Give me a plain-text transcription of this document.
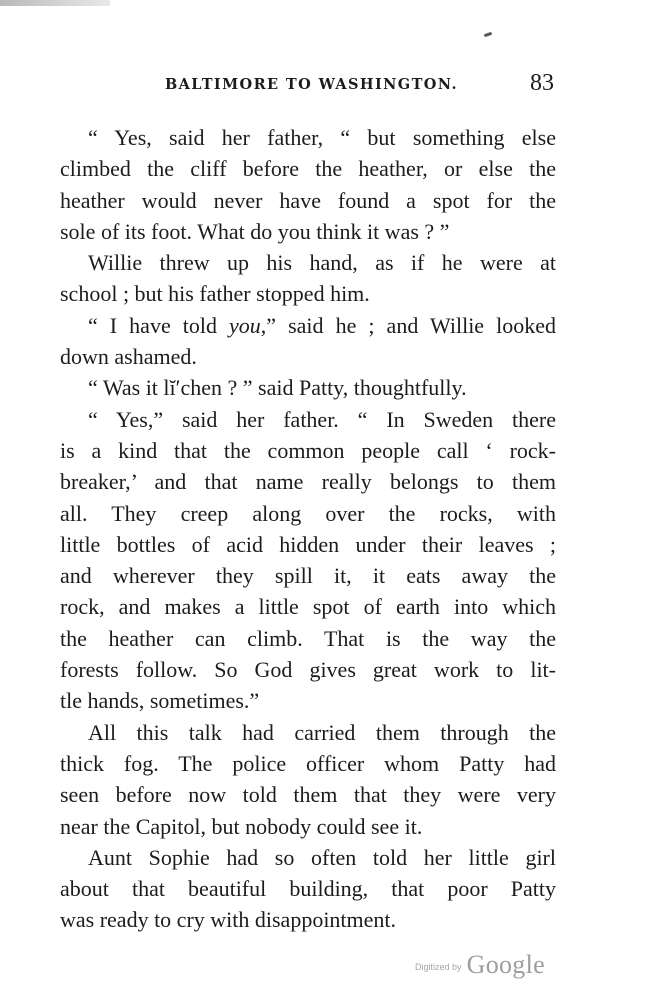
BALTIMORE TO WASHINGTON.	83
“ Yes, said her father, “ but something else
climbed the cliff before the heather, or else the
heather would never have found a spot for the
sole of its foot. What do you think it was ? ”
Willie threw up his hand, as if he were at
school ; but his father stopped him.
“ I have told you,” said he ; and Willie looked
down ashamed.
“ Was it lĭ′chen ? ” said Patty, thoughtfully.
“ Yes,” said her father. “ In Sweden there
is a kind that the common people call ‘ rock-
breaker,’ and that name really belongs to them
all. They creep along over the rocks, with
little bottles of acid hidden under their leaves ;
and wherever they spill it, it eats away the
rock, and makes a little spot of earth into which
the heather can climb. That is the way the
forests follow. So God gives great work to lit-
tle hands, sometimes.”
All this talk had carried them through the
thick fog. The police officer whom Patty had
seen before now told them that they were very
near the Capitol, but nobody could see it.
Aunt Sophie had so often told her little girl
about that beautiful building, that poor Patty
was ready to cry with disappointment.
Digitized by Google
